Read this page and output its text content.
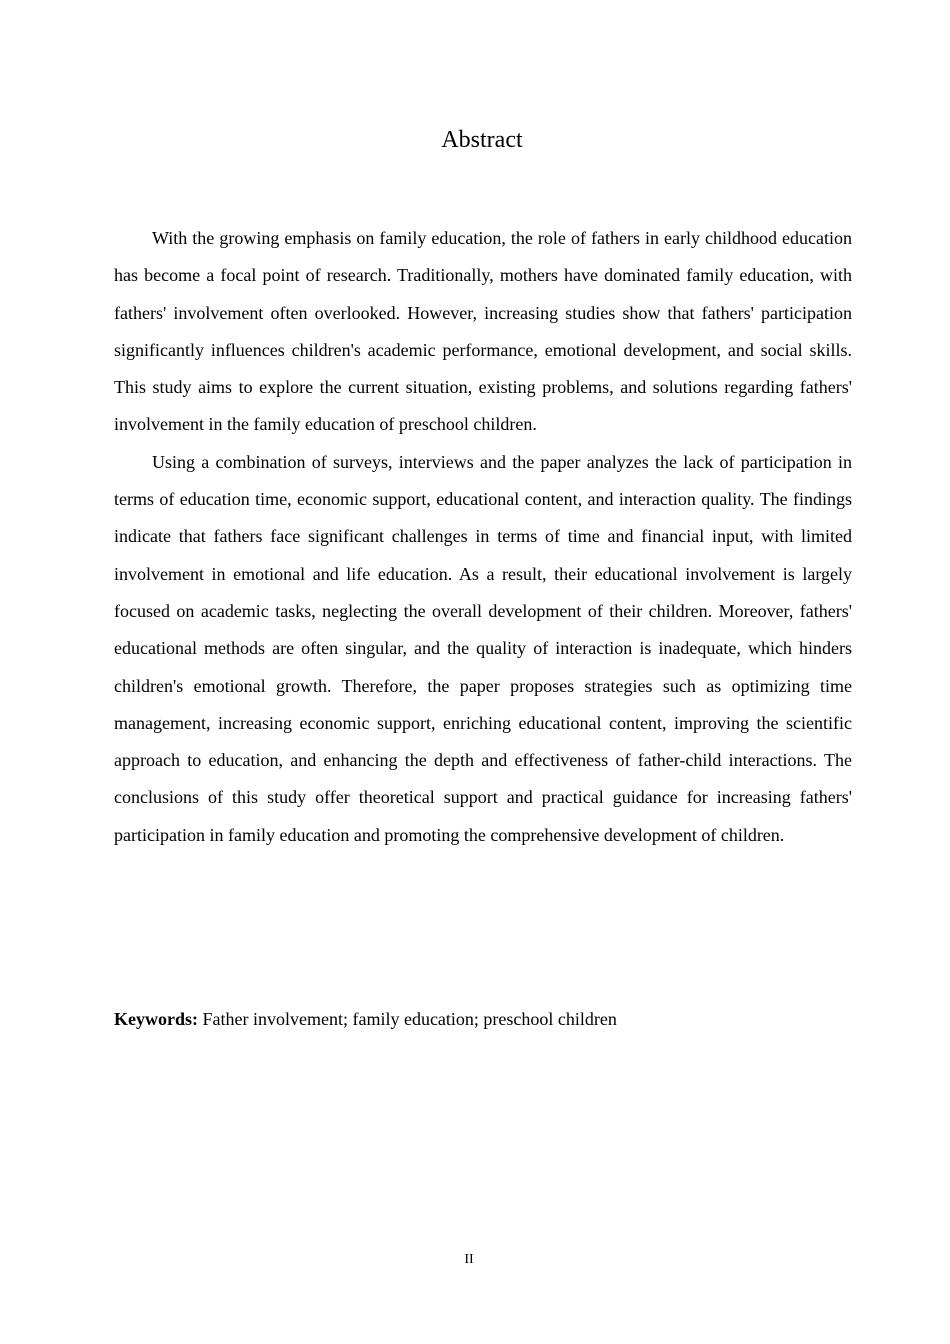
Abstract

With the growing emphasis on family education, the role of fathers in early childhood education has become a focal point of research. Traditionally, mothers have dominated family education, with fathers' involvement often overlooked. However, increasing studies show that fathers' participation significantly influences children's academic performance, emotional development, and social skills. This study aims to explore the current situation, existing problems, and solutions regarding fathers' involvement in the family education of preschool children.

Using a combination of surveys, interviews and the paper analyzes the lack of participation in terms of education time, economic support, educational content, and interaction quality. The findings indicate that fathers face significant challenges in terms of time and financial input, with limited involvement in emotional and life education. As a result, their educational involvement is largely focused on academic tasks, neglecting the overall development of their children. Moreover, fathers' educational methods are often singular, and the quality of interaction is inadequate, which hinders children's emotional growth. Therefore, the paper proposes strategies such as optimizing time management, increasing economic support, enriching educational content, improving the scientific approach to education, and enhancing the depth and effectiveness of father-child interactions. The conclusions of this study offer theoretical support and practical guidance for increasing fathers' participation in family education and promoting the comprehensive development of children.

Keywords: Father involvement; family education; preschool children

II
